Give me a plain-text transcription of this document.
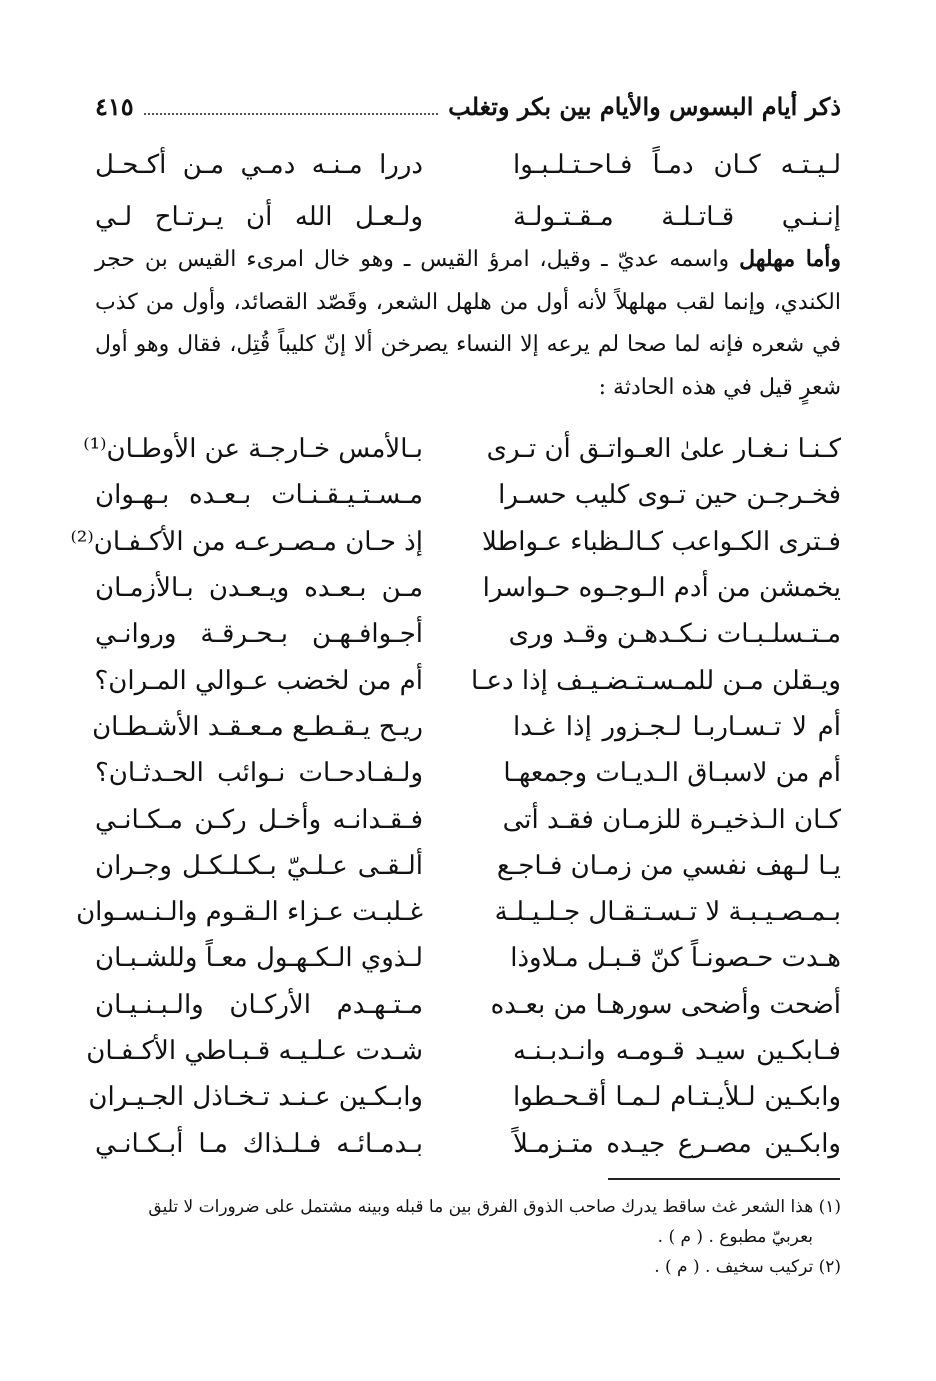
ذكر أيام البسوس والأيام بين بكر وتغلب
٤١٥
لـيـتـه كـان دمـاً فـاحـتـلـبـوا
دررا مـنـه دمـي مـن أكـحـل
إنـنـي قـاتـلـة مـقـتـولـة
ولـعـل الله أن يـرتـاح لـي
وأما مهلهل واسمه عديّ ـ وقيل، امرؤ القيس ـ وهو خال امرىء القيس بن حجر الكندي، وإنما لقب مهلهلاً لأنه أول من هلهل الشعر، وقَصّد القصائد، وأول من كذب في شعره فإنه لما صحا لم يرعه إلا النساء يصرخن ألا إنّ كليباً قُتِل، فقال وهو أول شعرٍ قيل في هذه الحادثة :
كـنـا نـغـار علىٰ العـواتـق أن تـرى
بـالأمس خـارجـة عن الأوطـان⁽¹⁾
فخـرجـن حين تـوى كليب حسـرا
مـسـتـيـقـنـات بـعـده بـهـوان
فـترى الكـواعب كـالـظباء عـواطلا
إذ حـان مـصـرعـه من الأكـفـان⁽²⁾
يخمشن من أدم الـوجـوه حـواسرا
مـن بـعـده ويـعـدن بـالأزمـان
مـتـسلـبـات نـكـدهـن وقـد ورى
أجـوافـهـن بـحـرقـة وروانـي
ويـقلن مـن للمـسـتـضـيـف إذا دعـا
أم من لخضب عـوالي المـران؟
أم لا تـسـاربـا لـجـزور إذا غـدا
ريـح يـقـطـع مـعـقـد الأشـطـان
أم من لاسبـاق الـديـات وجمعهـا
ولـفـادحـات نـوائب الحـدثـان؟
كـان الـذخيـرة للزمـان فقـد أتى
فـقـدانـه وأخـل ركـن مـكـانـي
يـا لـهف نفسي من زمـان فـاجـع
ألـقـى عـلـيّ بـكـلـكـل وجـران
بـمـصـيـبـة لا تـسـتـقـال جـلـيـلـة
غـلبـت عـزاء الـقـوم والـنـسـوان
هـدت حـصونـاً كنّ قـبـل مـلاوذا
لـذوي الـكـهـول معـاً وللشـبـان
أضحت وأضحى سورهـا من بعـده
مـتـهـدم الأركـان والـبـنـيـان
فـابكـين سيـد قـومـه وانـدبـنـه
شـدت عـلـيـه قـبـاطي الأكـفـان
وابكـين لـلأيـتـام لـمـا أقـحـطوا
وابـكـين عـنـد تـخـاذل الجـيـران
وابكـين مصـرع جيـده متـزمـلاً
بـدمـائـه فـلـذاك مـا أبـكـانـي
(١) هذا الشعر غث ساقط يدرك صاحب الذوق الفرق بين ما قبله وبينه مشتمل على ضرورات لا تليق
بعربيّ مطبوع . ( م ) .
(٢) تركيب سخيف . ( م ) .
